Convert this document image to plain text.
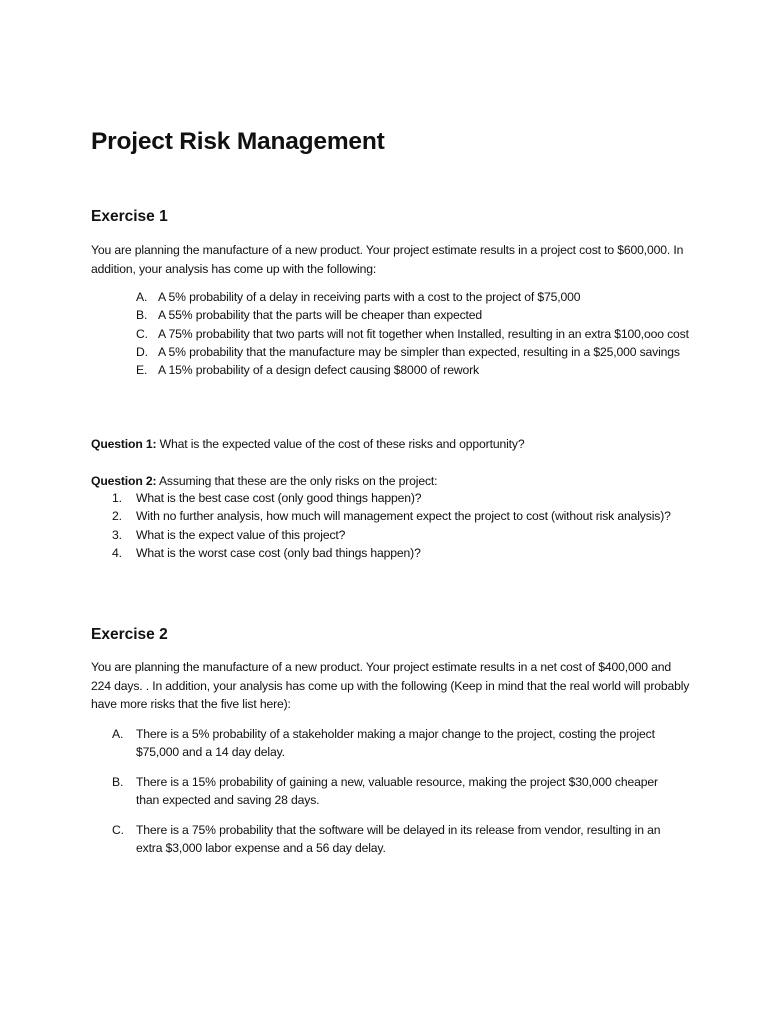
Project Risk Management
Exercise 1

You are planning the manufacture of a new product. Your project estimate results in a project cost to $600,000. In addition, your analysis has come up with the following:

A. A 5% probability of a delay in receiving parts with a cost to the project of $75,000
B. A 55% probability that the parts will be cheaper than expected
C. A 75% probability that two parts will not fit together when Installed, resulting in an extra $100,ooo cost
D. A 5% probability that the manufacture may be simpler than expected, resulting in a $25,000 savings
E. A 15% probability of a design defect causing $8000 of rework

Question 1: What is the expected value of the cost of these risks and opportunity?

Question 2: Assuming that these are the only risks on the project:

1. What is the best case cost (only good things happen)?
2. With no further analysis, how much will management expect the project to cost (without risk analysis)?
3. What is the expect value of this project?
4. What is the worst case cost (only bad things happen)?
Exercise 2

You are planning the manufacture of a new product. Your project estimate results in a net cost of $400,000 and 224 days. . In addition, your analysis has come up with the following (Keep in mind that the real world will probably have more risks that the five list here):

A. There is a 5% probability of a stakeholder making a major change to the project, costing the project $75,000 and a 14 day delay.
B. There is a 15% probability of gaining a new, valuable resource, making the project $30,000 cheaper than expected and saving 28 days.
C. There is a 75% probability that the software will be delayed in its release from vendor, resulting in an extra $3,000 labor expense and a 56 day delay.
